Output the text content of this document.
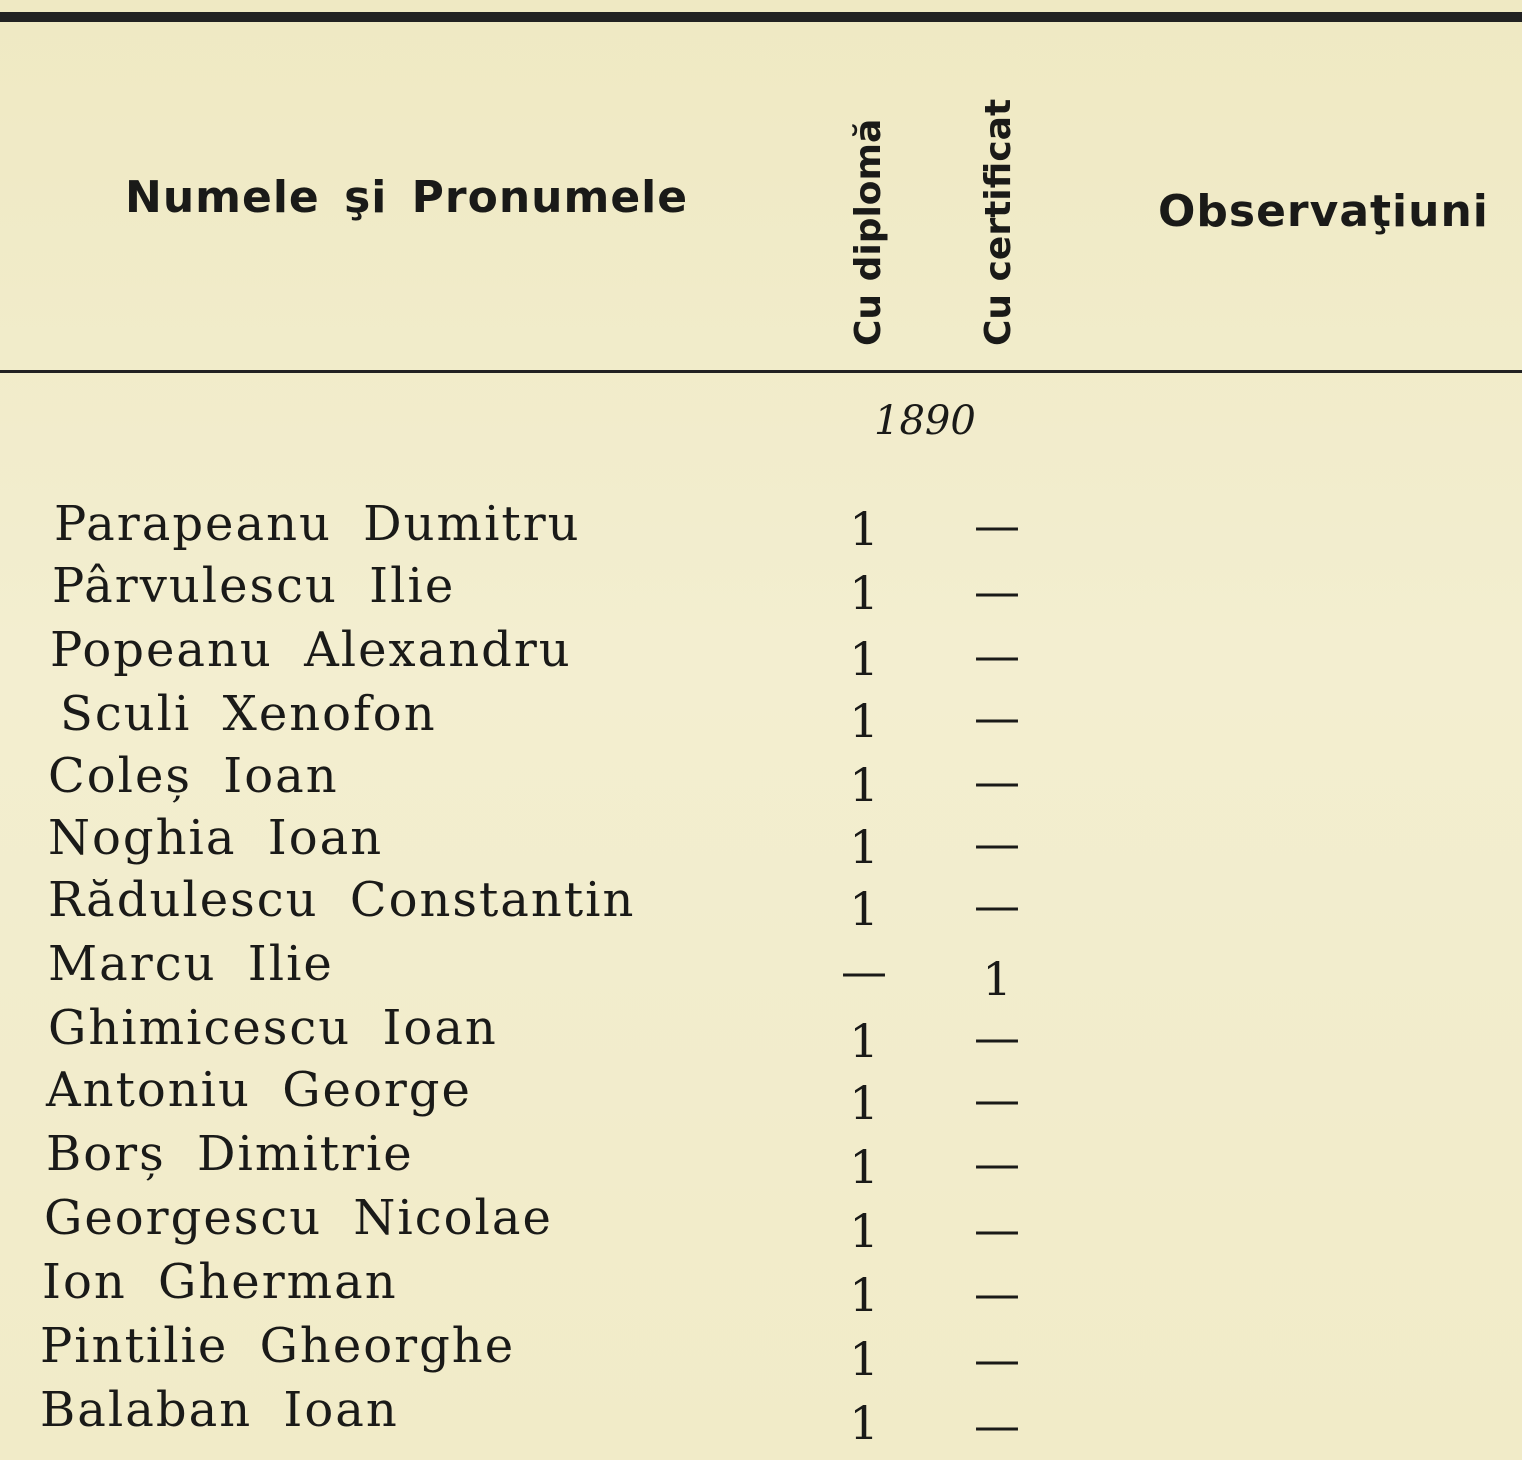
Numele şi Pronumele	Cu diplomă Cu certificat	Observaţiuni
1890
Parapeanu Dumitru	1 —
Pârvulescu Ilie	1 —
Popeanu Alexandru	1 —
Sculi Xenofon	1 —
Coleș Ioan	1 —
Noghia Ioan	1 —
Rădulescu Constantin	1 —
Marcu Ilie	—	1
Ghimicescu Ioan	1 —
Antoniu George	1 —
Borș Dimitrie	1 —
Georgescu Nicolae	1 —
Ion Gherman	1 —
Pintilie Gheorghe	1 —
Balaban Ioan	1 —
